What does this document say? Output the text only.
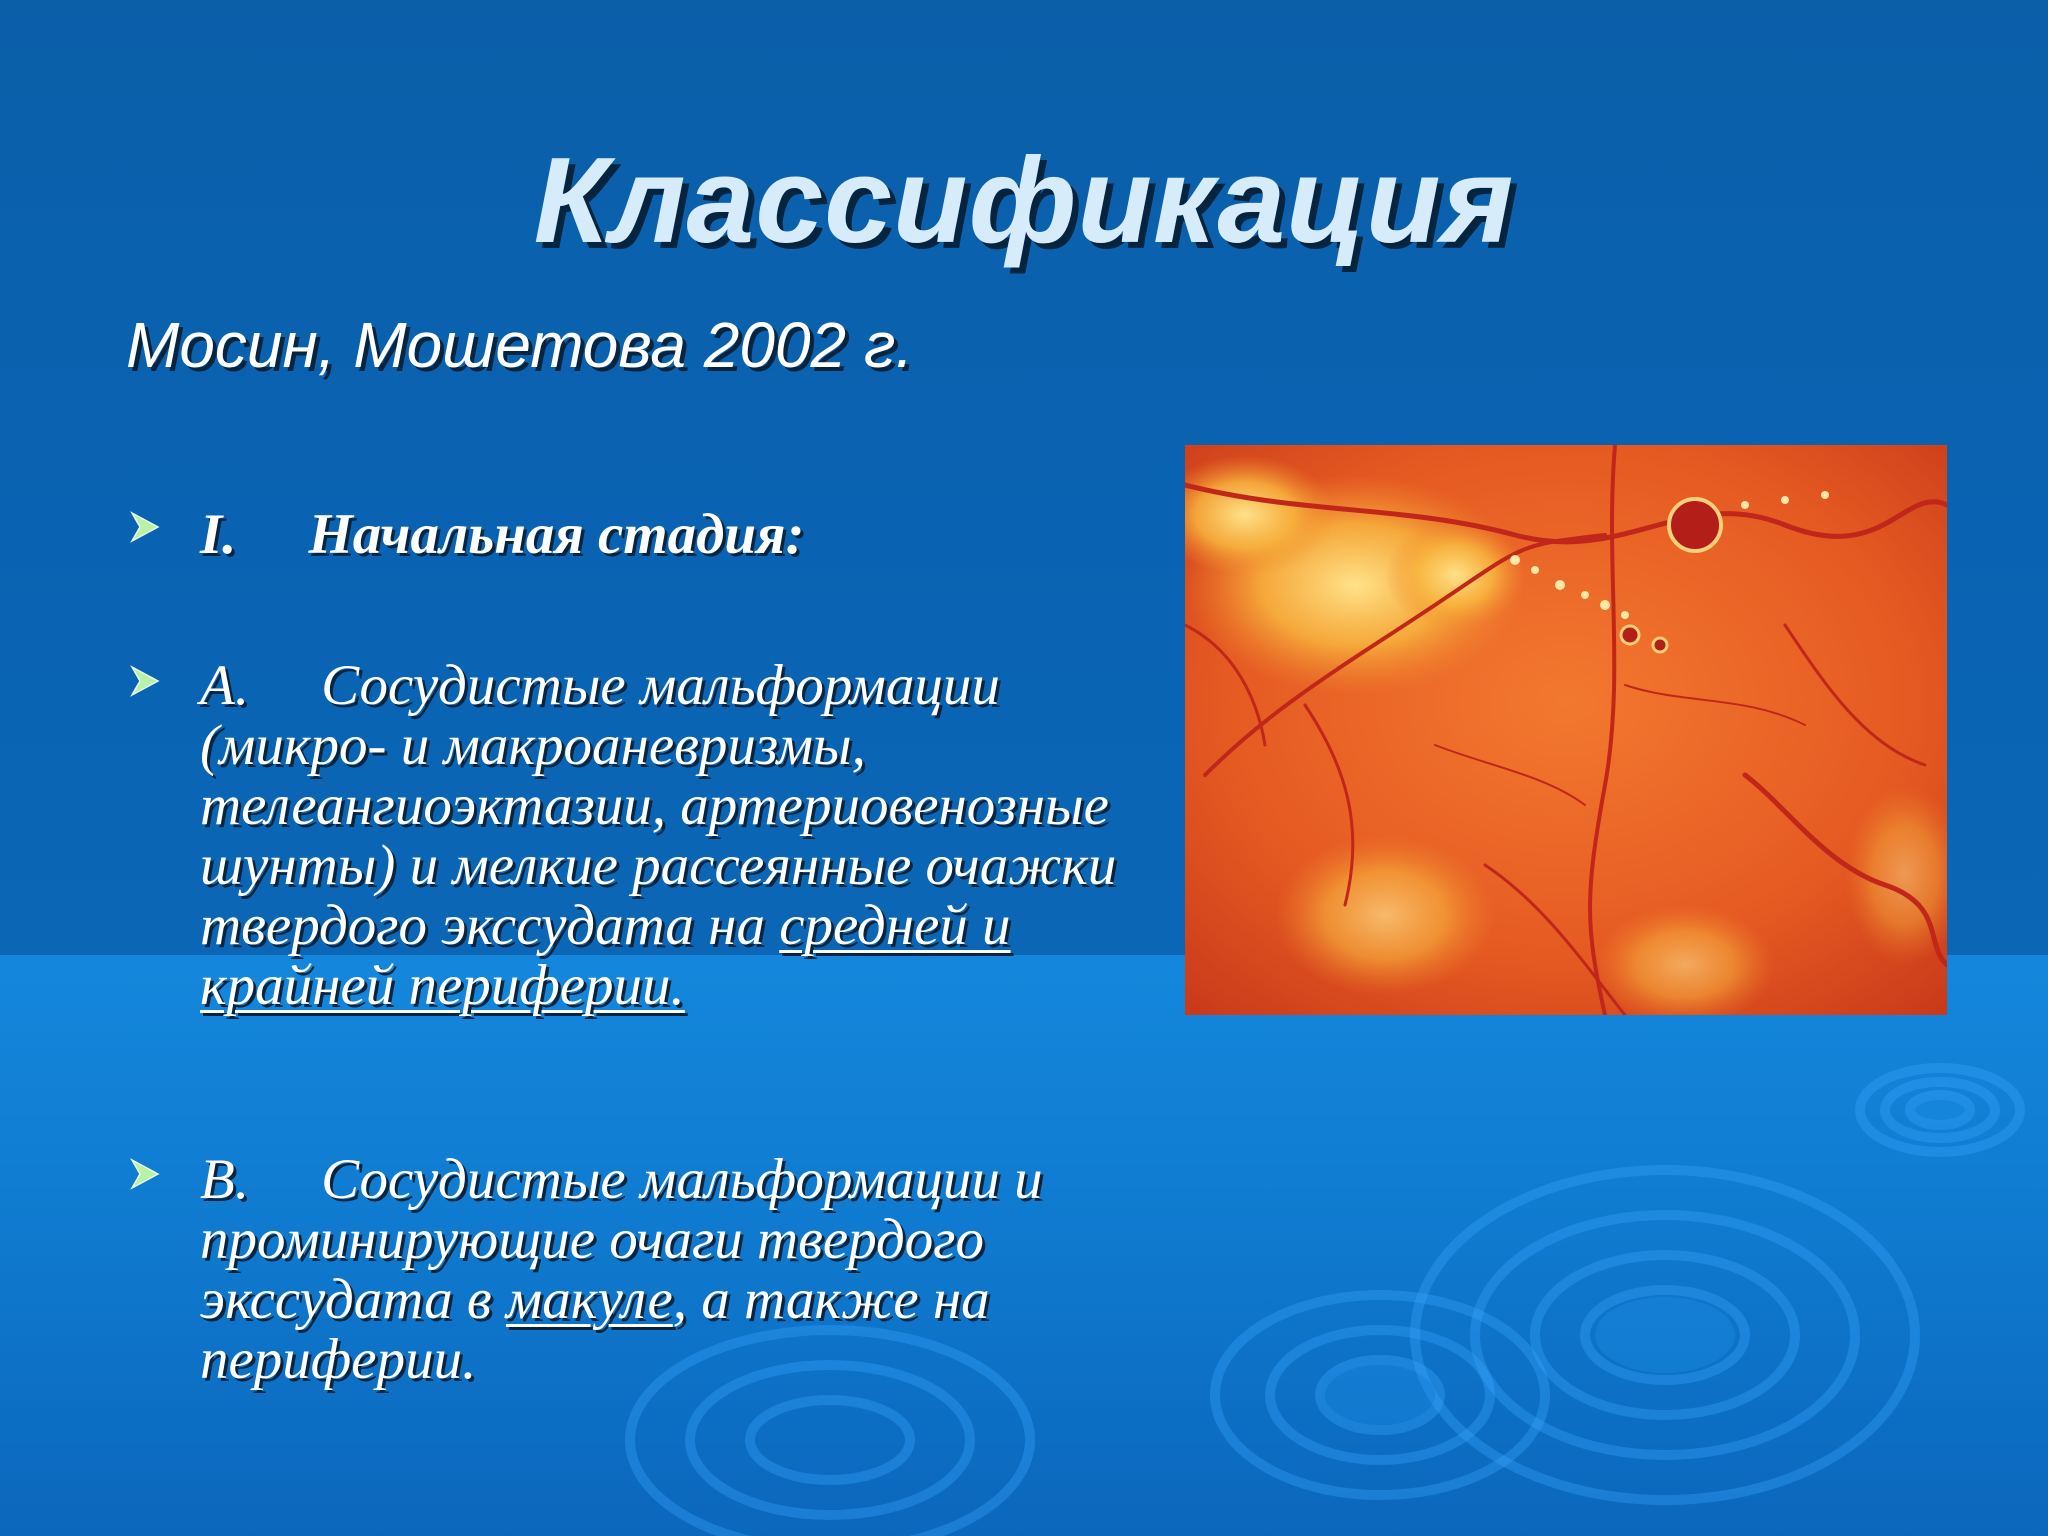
Классификация

Мосин, Мошетова 2002 г.

I. Начальная стадия:

А. Сосудистые мальформации (микро- и макроаневризмы, телеангиоэктазии, артериовенозные шунты) и мелкие рассеянные очажки твердого экссудата на средней и крайней периферии.

В. Сосудистые мальформации и проминирующие очаги твердого экссудата в макуле, а также на периферии.
